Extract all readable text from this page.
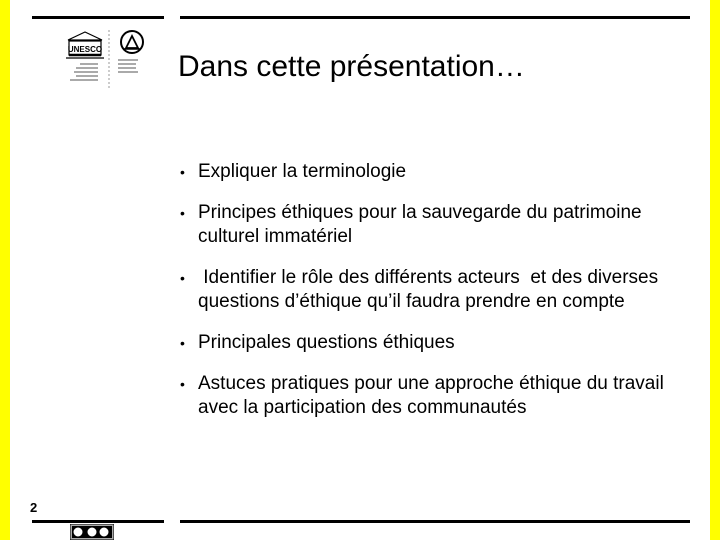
UNESCO
Dans cette présentation…
• Expliquer la terminologie
• Principes éthiques pour la sauvegarde du patrimoine culturel immatériel
• Identifier le rôle des différents acteurs  et des diverses questions d’éthique qu’il faudra prendre en compte
• Principales questions éthiques
• Astuces pratiques pour une approche éthique du travail avec la participation des communautés
2
